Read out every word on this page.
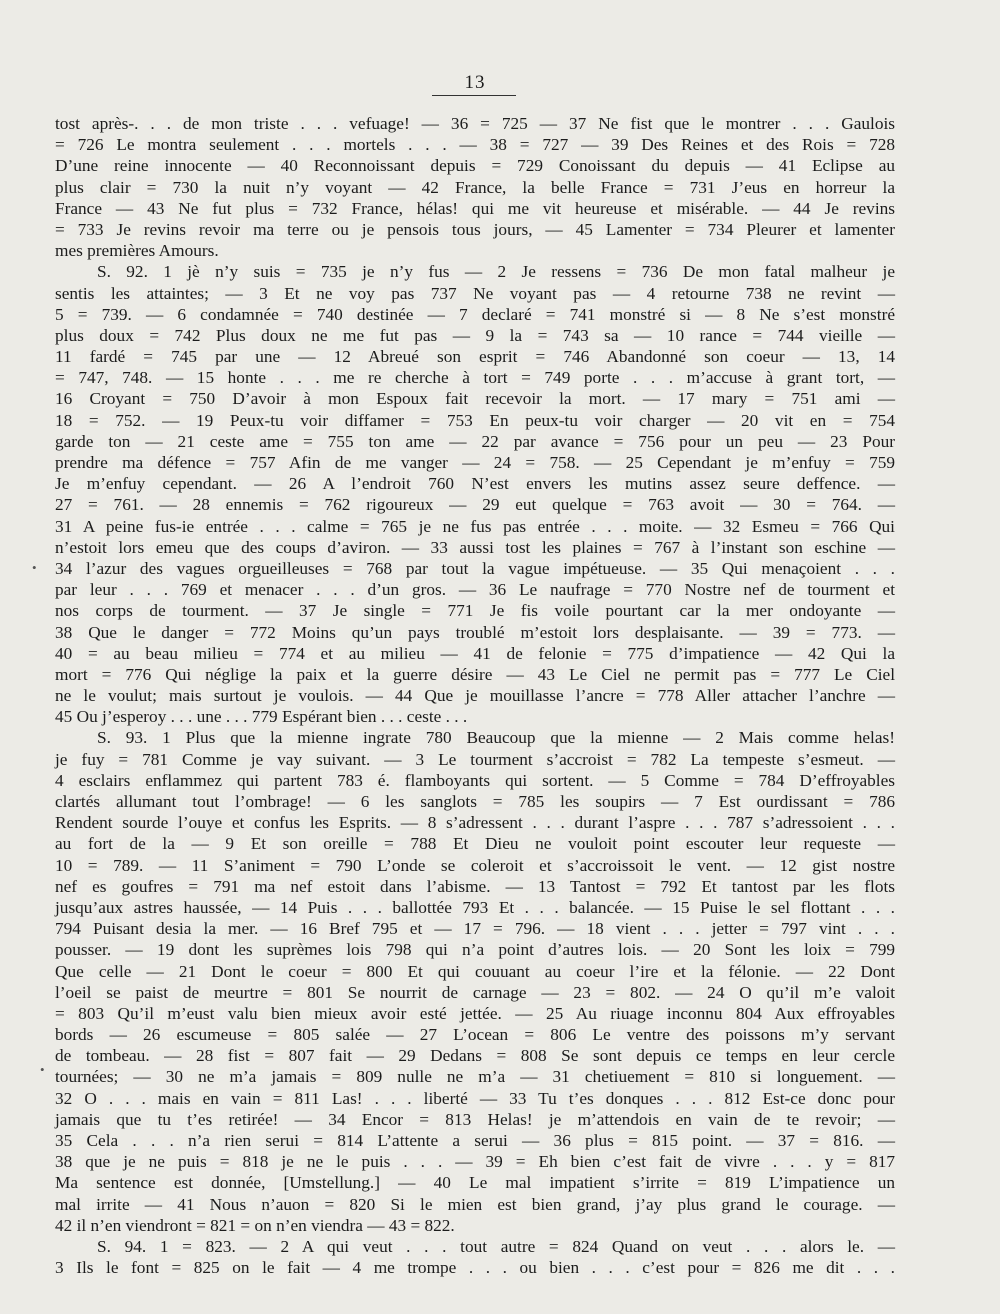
13
•
•
tost après-. . . de mon triste . . . vefuage! — 36 = 725 — 37 Ne fist que le montrer . . . Gaulois
= 726 Le montra seulement . . . mortels . . . — 38 = 727 — 39 Des Reines et des Rois = 728
D’une reine innocente — 40 Reconnoissant depuis = 729 Conoissant du depuis — 41 Eclipse au
plus clair = 730 la nuit n’y voyant — 42 France, la belle France = 731 J’eus en horreur la
France — 43 Ne fut plus = 732 France, hélas! qui me vit heureuse et misérable. — 44 Je revins
= 733 Je revins revoir ma terre ou je pensois tous jours, — 45 Lamenter = 734 Pleurer et lamenter
mes premières Amours.
S. 92. 1 jè n’y suis = 735 je n’y fus — 2 Je ressens = 736 De mon fatal malheur je
sentis les attaintes; — 3 Et ne voy pas 737 Ne voyant pas — 4 retourne 738 ne revint —
5 = 739. — 6 condamnée = 740 destinée — 7 declaré = 741 monstré si — 8 Ne s’est monstré
plus doux = 742 Plus doux ne me fut pas — 9 la = 743 sa — 10 rance = 744 vieille —
11 fardé = 745 par une — 12 Abreué son esprit = 746 Abandonné son coeur — 13, 14
= 747, 748. — 15 honte . . . me re cherche à tort = 749 porte . . . m’accuse à grant tort, —
16 Croyant = 750 D’avoir à mon Espoux fait recevoir la mort. — 17 mary = 751 ami —
18 = 752. — 19 Peux-tu voir diffamer = 753 En peux-tu voir charger — 20 vit en = 754
garde ton — 21 ceste ame = 755 ton ame — 22 par avance = 756 pour un peu — 23 Pour
prendre ma défence = 757 Afin de me vanger — 24 = 758. — 25 Cependant je m’enfuy = 759
Je m’enfuy cependant. — 26 A l’endroit 760 N’est envers les mutins assez seure deffence. —
27 = 761. — 28 ennemis = 762 rigoureux — 29 eut quelque = 763 avoit — 30 = 764. —
31 A peine fus-ie entrée . . . calme = 765 je ne fus pas entrée . . . moite. — 32 Esmeu = 766 Qui
n’estoit lors emeu que des coups d’aviron. — 33 aussi tost les plaines = 767 à l’instant son eschine —
34 l’azur des vagues orgueilleuses = 768 par tout la vague impétueuse. — 35 Qui menaçoient . . .
par leur . . . 769 et menacer . . . d’un gros. — 36 Le naufrage = 770 Nostre nef de tourment et
nos corps de tourment. — 37 Je single = 771 Je fis voile pourtant car la mer ondoyante —
38 Que le danger = 772 Moins qu’un pays troublé m’estoit lors desplaisante. — 39 = 773. —
40 = au beau milieu = 774 et au milieu — 41 de felonie = 775 d’impatience — 42 Qui la
mort = 776 Qui néglige la paix et la guerre désire — 43 Le Ciel ne permit pas = 777 Le Ciel
ne le voulut; mais surtout je voulois. — 44 Que je mouillasse l’ancre = 778 Aller attacher l’anchre —
45 Ou j’esperoy . . . une . . . 779 Espérant bien . . . ceste . . .
S. 93. 1 Plus que la mienne ingrate 780 Beaucoup que la mienne — 2 Mais comme helas!
je fuy = 781 Comme je vay suivant. — 3 Le tourment s’accroist = 782 La tempeste s’esmeut. —
4 esclairs enflammez qui partent 783 é. flamboyants qui sortent. — 5 Comme = 784 D’effroyables
clartés allumant tout l’ombrage! — 6 les sanglots = 785 les soupirs — 7 Est ourdissant = 786
Rendent sourde l’ouye et confus les Esprits. — 8 s’adressent . . . durant l’aspre . . . 787 s’adressoient . . .
au fort de la — 9 Et son oreille = 788 Et Dieu ne vouloit point escouter leur requeste —
10 = 789. — 11 S’animent = 790 L’onde se coleroit et s’accroissoit le vent. — 12 gist nostre
nef es goufres = 791 ma nef estoit dans l’abisme. — 13 Tantost = 792 Et tantost par les flots
jusqu’aux astres haussée, — 14 Puis . . . ballottée 793 Et . . . balancée. — 15 Puise le sel flottant . . .
794 Puisant desia la mer. — 16 Bref 795 et — 17 = 796. — 18 vient . . . jetter = 797 vint . . .
pousser. — 19 dont les suprèmes lois 798 qui n’a point d’autres lois. — 20 Sont les loix = 799
Que celle — 21 Dont le coeur = 800 Et qui couuant au coeur l’ire et la félonie. — 22 Dont
l’oeil se paist de meurtre = 801 Se nourrit de carnage — 23 = 802. — 24 O qu’il m’e valoit
= 803 Qu’il m’eust valu bien mieux avoir esté jettée. — 25 Au riuage inconnu 804 Aux effroyables
bords — 26 escumeuse = 805 salée — 27 L’ocean = 806 Le ventre des poissons m’y servant
de tombeau. — 28 fist = 807 fait — 29 Dedans = 808 Se sont depuis ce temps en leur cercle
tournées; — 30 ne m’a jamais = 809 nulle ne m’a — 31 chetiuement = 810 si longuement. —
32 O . . . mais en vain = 811 Las! . . . liberté — 33 Tu t’es donques . . . 812 Est-ce donc pour
jamais que tu t’es retirée! — 34 Encor = 813 Helas! je m’attendois en vain de te revoir; —
35 Cela . . . n’a rien serui = 814 L’attente a serui — 36 plus = 815 point. — 37 = 816. —
38 que je ne puis = 818 je ne le puis . . . — 39 = Eh bien c’est fait de vivre . . . y = 817
Ma sentence est donnée, [Umstellung.] — 40 Le mal impatient s’irrite = 819 L’impatience un
mal irrite — 41 Nous n’auon = 820 Si le mien est bien grand, j’ay plus grand le courage. —
42 il n’en viendront = 821 = on n’en viendra — 43 = 822.
S. 94. 1 = 823. — 2 A qui veut . . . tout autre = 824 Quand on veut . . . alors le. —
3 Ils le font = 825 on le fait — 4 me trompe . . . ou bien . . . c’est pour = 826 me dit . . .
